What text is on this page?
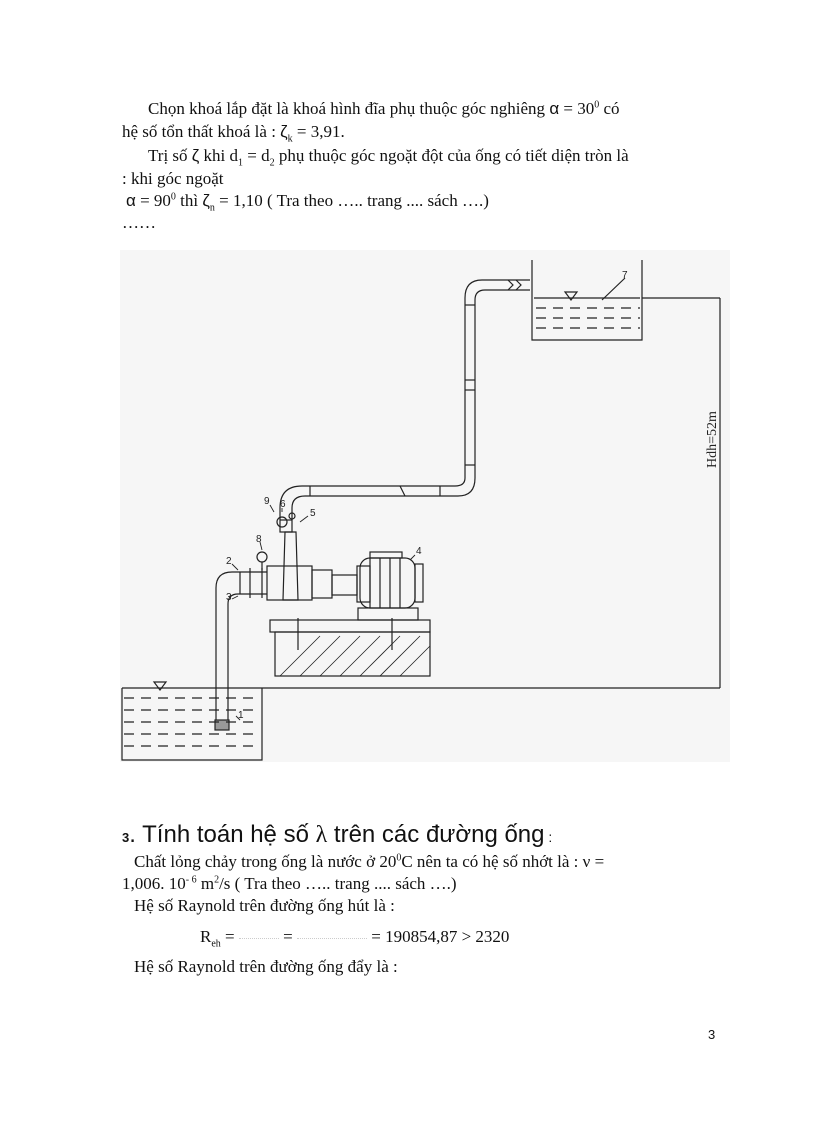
Chọn khoá lắp đặt là khoá hình đĩa phụ thuộc góc nghiêng $\alpha = 30^0$ có
hệ số tổn thất khoá là : $\zeta_k = 3,91$.
Trị số ζ khi $d_1 = d_2$ phụ thuộc góc ngoặt đột của ống có tiết diện tròn là
: khi góc ngoặt
$\alpha = 90^0$ thì $\zeta_n = 1,10$ ( Tra theo ….. trang .... sách ….)
……
1
2
3
4
5
6
7
8
9
Hdh=52m
3. Tính toán hệ số λ trên các đường ống :
Chất lỏng chảy trong ống là nước ở $20^0C$ nên ta có hệ số nhớt là : ν =
1,006. $10^{- 6}$ $m^2/s$ ( Tra theo ….. trang .... sách ….)
Hệ số Raynold trên đường ống hút là :
$R_{eh}$ =  =	= 190854,87 > 2320
Hệ số Raynold trên đường ống đẩy là :
3
